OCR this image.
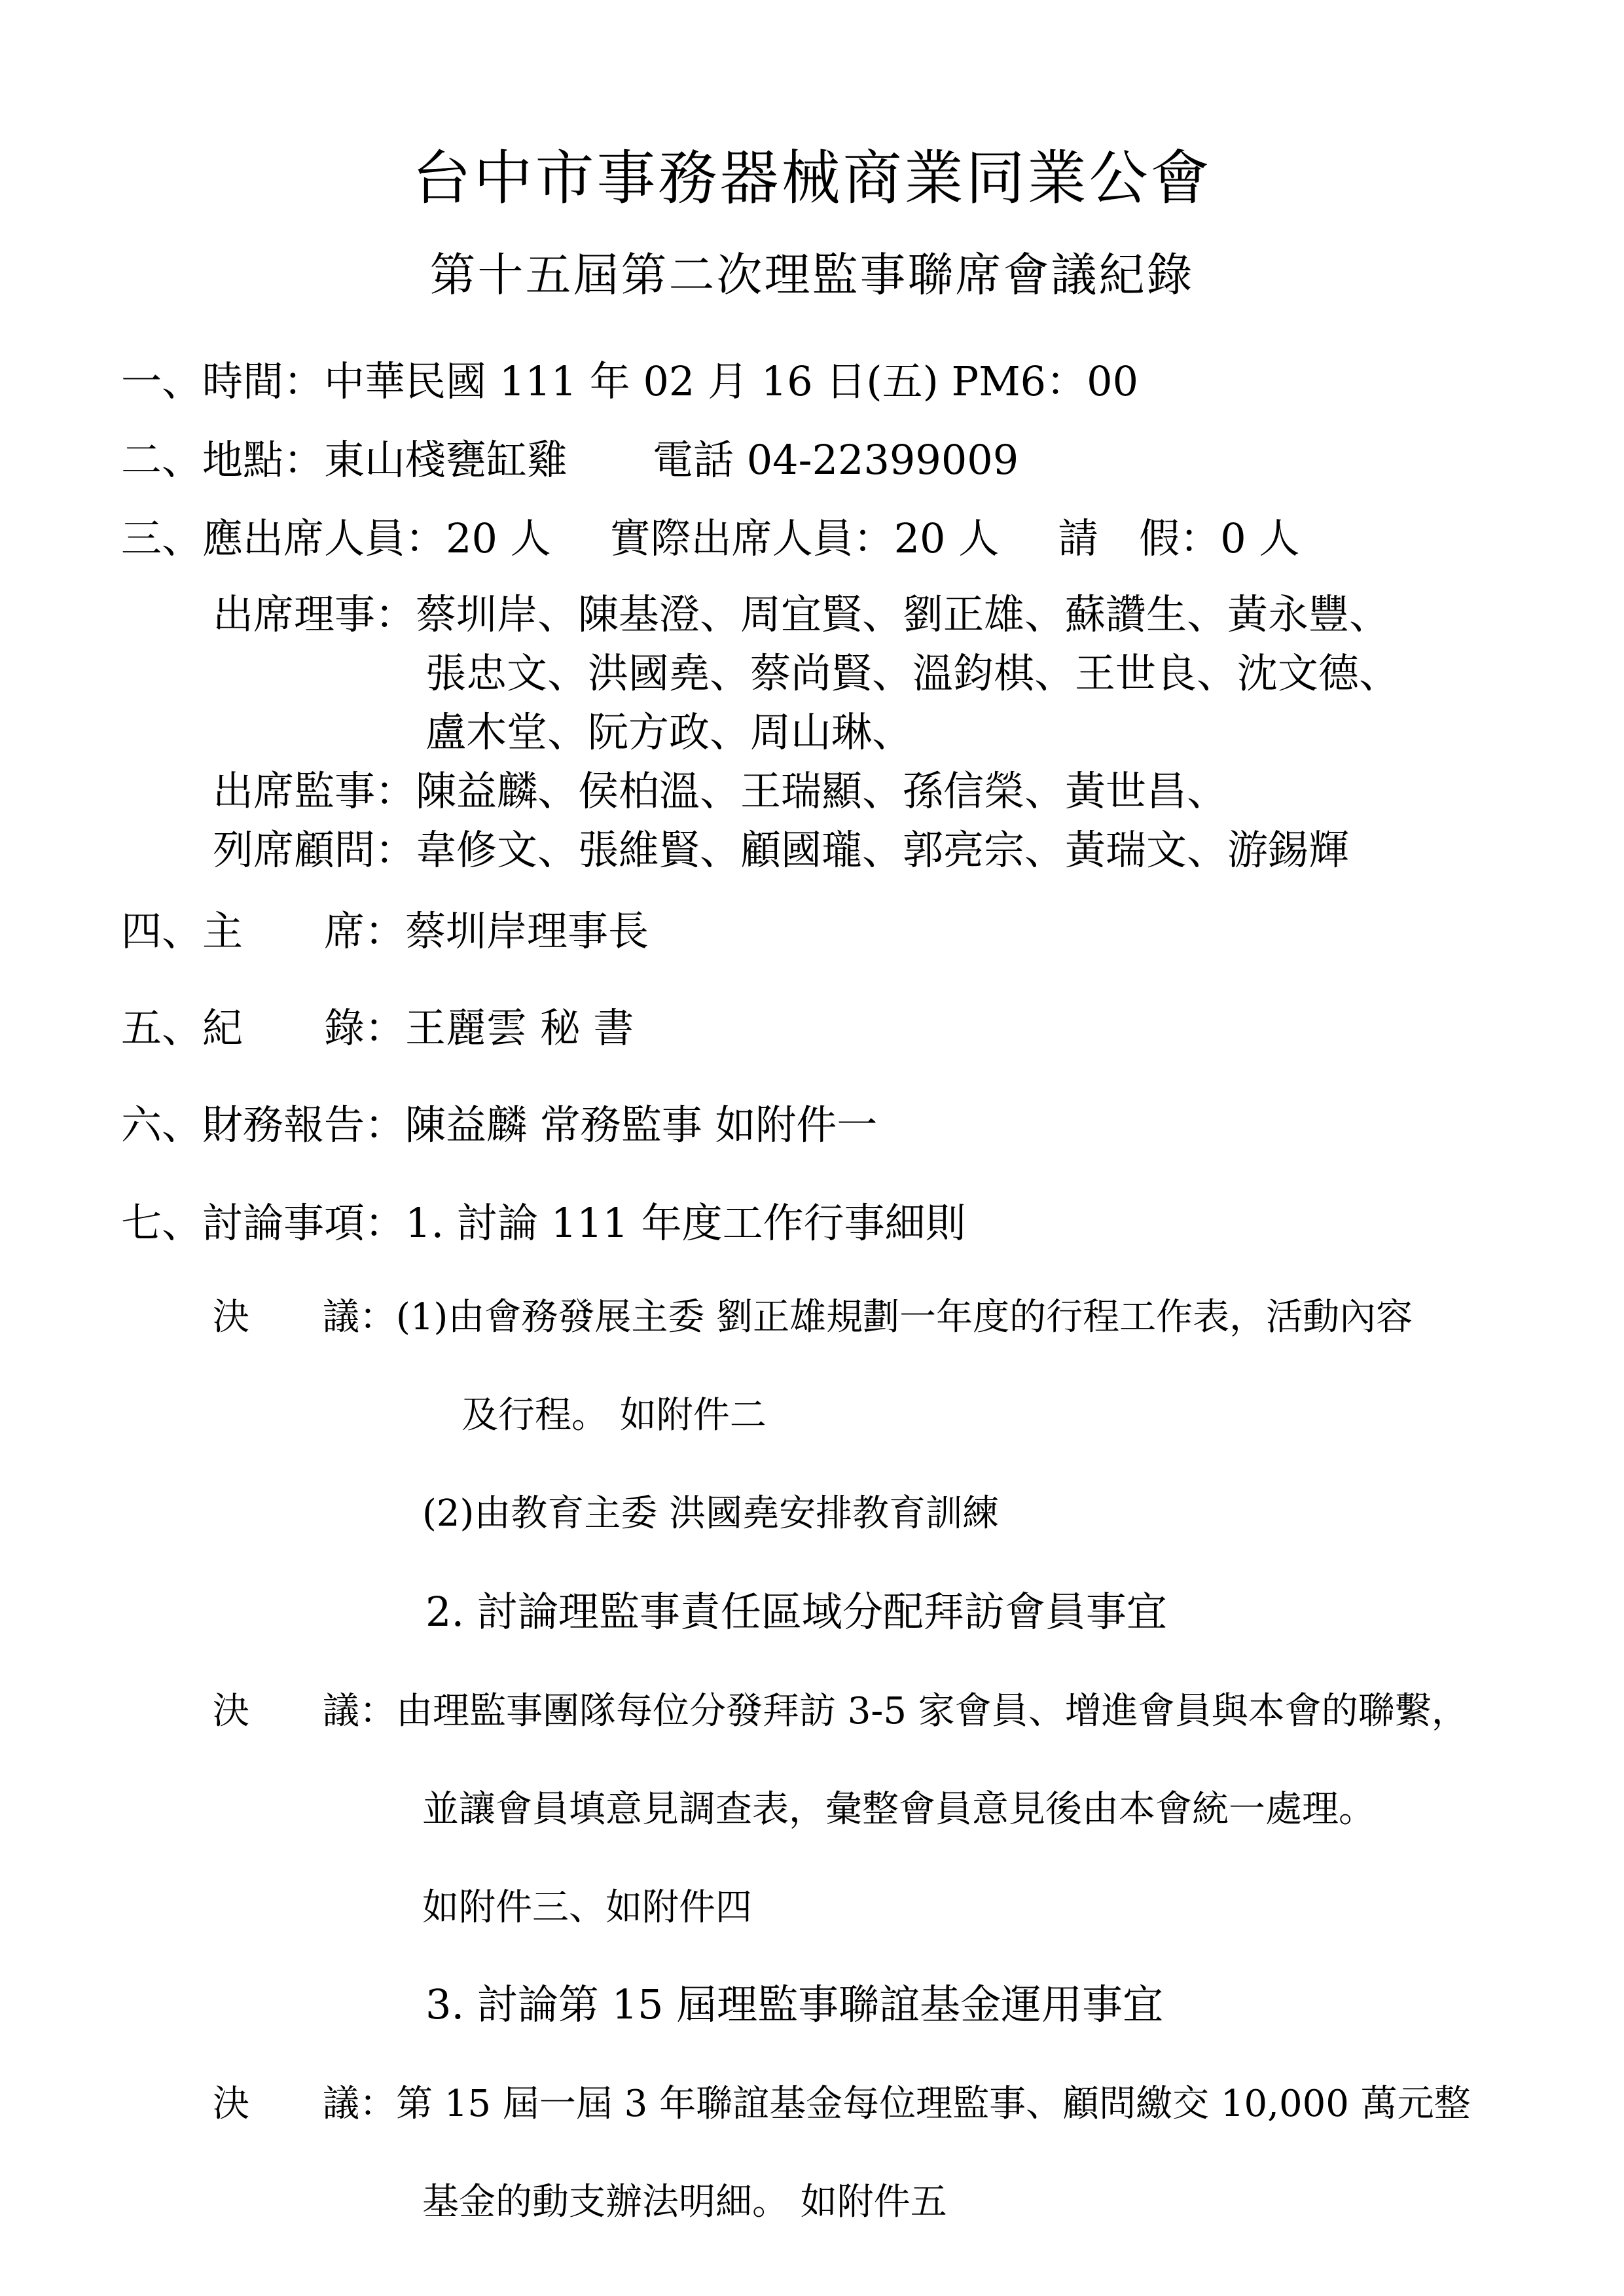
台中市事務器械商業同業公會
第十五屆第二次理監事聯席會議紀錄
一、時間：中華民國 111 年 02 月 16 日(五) PM6：00
二、地點：東山棧甕缸雞 電話 04-22399009
三、應出席人員：20 人 實際出席人員：20 人 請　假：0 人
出席理事：蔡圳岸、陳基澄、周宜賢、劉正雄、蘇讚生、黃永豐、
張忠文、洪國堯、蔡尚賢、溫鈞棋、王世良、沈文德、
盧木堂、阮方政、周山琳、
出席監事：陳益麟、侯柏溫、王瑞顯、孫信榮、黃世昌、
列席顧問：韋修文、張維賢、顧國瓏、郭亮宗、黃瑞文、游錫輝
四、主　　席：蔡圳岸理事長
五、紀　　錄：王麗雲 秘 書
六、財務報告：陳益麟 常務監事 如附件一
七、討論事項：1. 討論 111 年度工作行事細則
決　　議：(1)由會務發展主委 劉正雄規劃一年度的行程工作表，活動內容
及行程。 如附件二
(2)由教育主委 洪國堯安排教育訓練
2. 討論理監事責任區域分配拜訪會員事宜
決　　議：由理監事團隊每位分發拜訪 3-5 家會員、增進會員與本會的聯繫，
並讓會員填意見調查表，彙整會員意見後由本會統一處理。
如附件三、如附件四
3. 討論第 15 屆理監事聯誼基金運用事宜
決　　議：第 15 屆一屆 3 年聯誼基金每位理監事、顧問繳交 10,000 萬元整
基金的動支辦法明細。 如附件五
